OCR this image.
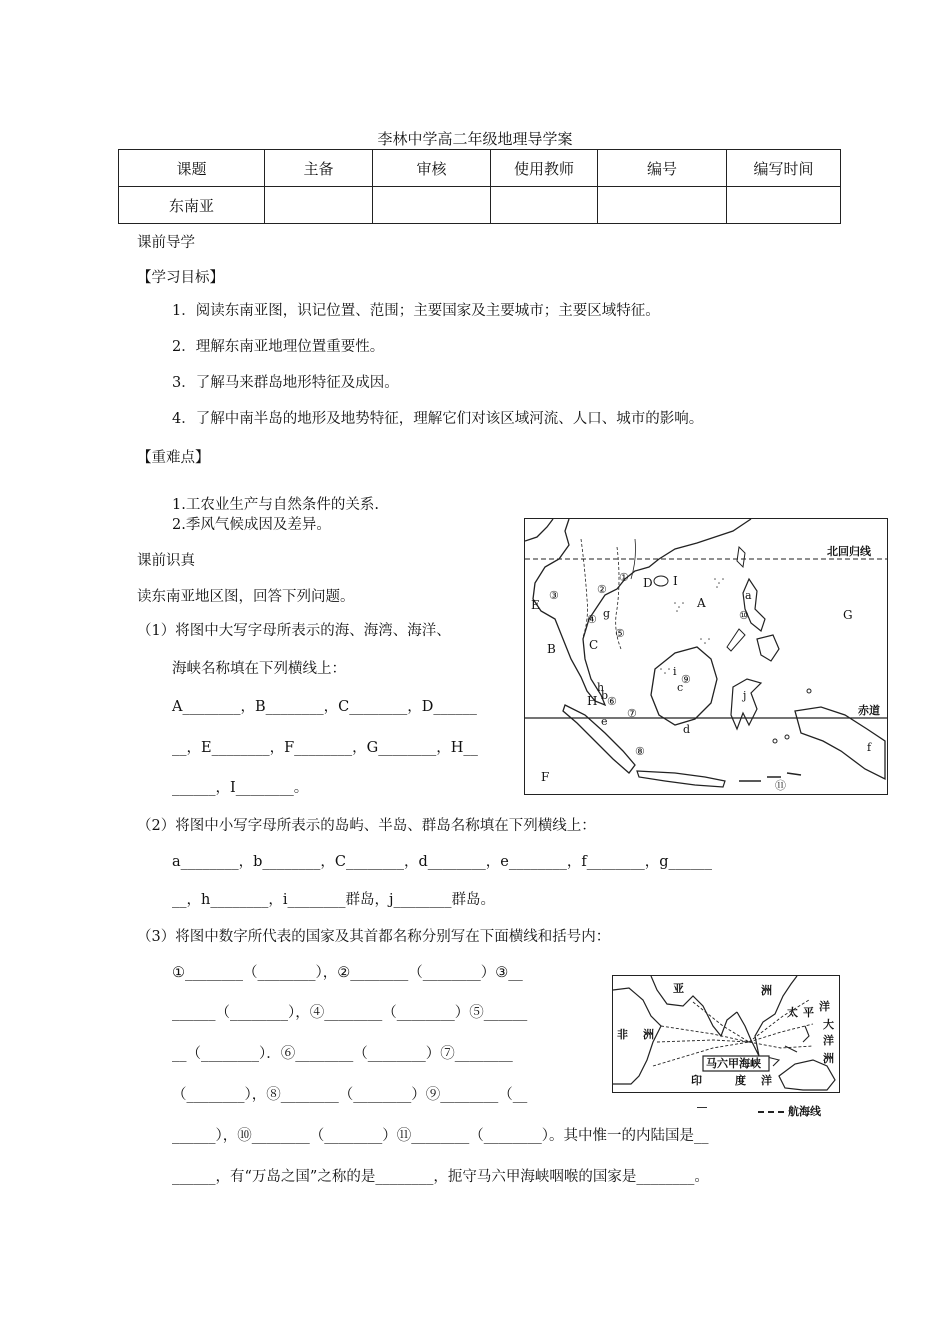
李林中学高二年级地理导学案
课题	主备	审核	使用教师	编号	编写时间
东南亚					
课前导学
【学习目标】
1．阅读东南亚图，识记位置、范围；主要国家及主要城市；主要区域特征。
2．理解东南亚地理位置重要性。
3．了解马来群岛地形特征及成因。
4．了解中南半岛的地形及地势特征，理解它们对该区域河流、人口、城市的影响。
【重难点】
1.工农业生产与自然条件的关系.
2.季风气候成因及差异。
课前识真
读东南亚地区图，回答下列问题。
（1）将图中大写字母所表示的海、海湾、海洋、
海峡名称填在下列横线上：
A________，B________，C________，D______
__，E________，F________，G________，H__
______，I________。
（2）将图中小写字母所表示的岛屿、半岛、群岛名称填在下列横线上：
a________，b________，C________，d________，e________，f________，g______
__，h________，i________群岛，j________群岛。
（3）将图中数字所代表的国家及其首都名称分别写在下面横线和括号内：
①________（________），②________（________）③__
______（________），④________（________）⑤______
__（________）．⑥________（________）⑦________
（________），⑧________（________）⑨________（__
______），⑩________（________）⑪________（________）。其中惟一的内陆国是__
______，有“万岛之国”之称的是________，扼守马六甲海峡咽喉的国家是________。
北回归线
赤道
A
B	C
D
E
F
G
H
I
a
b
c
d
e
f
g
h
i
j
①
②
③
④
⑤
⑥
⑦
⑧
⑨
⑩
⑪
亚	洲
非 洲
太 平 洋
大
洋
洲
马六甲海峡
印	度 洋
航海线
